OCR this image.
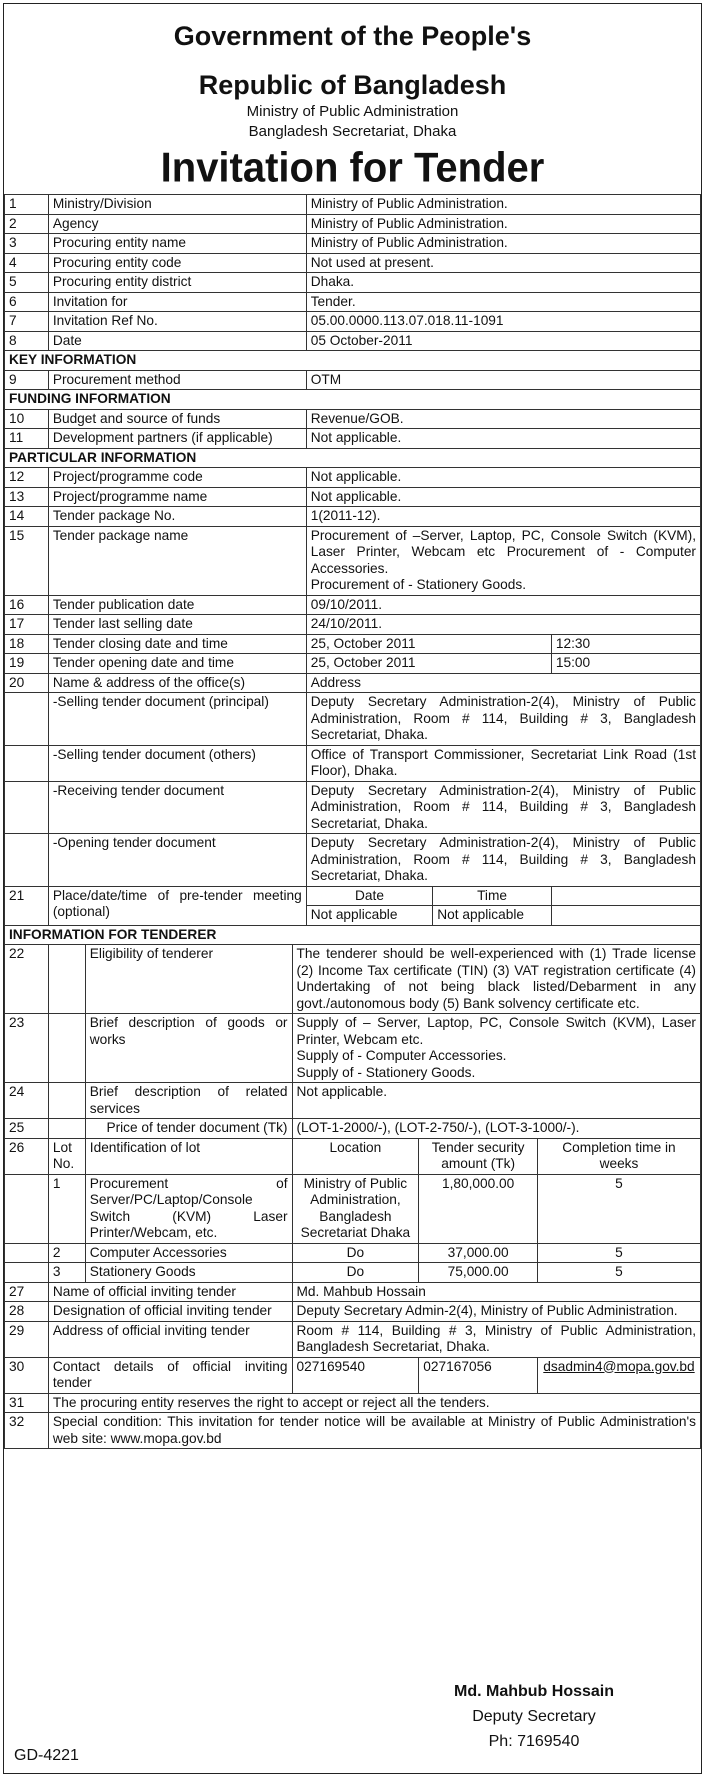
Government of the People's
Republic of Bangladesh
Ministry of Public Administration
Bangladesh Secretariat, Dhaka
Invitation for Tender
1	Ministry/Division	Ministry of Public Administration.		
2	Agency	Ministry of Public Administration.		
3	Procuring entity name	Ministry of Public Administration.		
4	Procuring entity code	Not used at present.		
5	Procuring entity district	Dhaka.		
6	Invitation for	Tender.		
7	Invitation Ref No.	05.00.0000.113.07.018.11-1091		
8	Date	05 October-2011		
KEY INFORMATION				
9	Procurement method	OTM		
FUNDING INFORMATION				
10	Budget and source of funds	Revenue/GOB.		
11	Development partners (if applicable)	Not applicable.		
PARTICULAR INFORMATION				
12	Project/programme code	Not applicable.		
13	Project/programme name	Not applicable.		
14	Tender package No.	1(2011-12).		
15	Tender package name	Procurement of –Server, Laptop, PC, Console Switch (KVM), Laser Printer, Webcam etc Procurement of - Computer Accessories.
Procurement of - Stationery Goods.		

16	Tender publication date	09/10/2011.		
17	Tender last selling date	24/10/2011.		
18	Tender closing date and time	25, October 2011		12:30
19	Tender opening date and time	25, October 2011		15:00
20	Name & address of the office(s)	Address		
	-Selling tender document (principal)	Deputy Secretary Administration-2(4), Ministry of Public Administration, Room # 114, Building # 3, Bangladesh Secretariat, Dhaka.		
	-Selling tender document (others)	Office of Transport Commissioner, Secretariat Link Road (1st Floor), Dhaka.		
	-Receiving tender document	Deputy Secretary Administration-2(4), Ministry of Public Administration, Room # 114, Building # 3, Bangladesh Secretariat, Dhaka.		
	-Opening tender document	Deputy Secretary Administration-2(4), Ministry of Public Administration, Room # 114, Building # 3, Bangladesh Secretariat, Dhaka.		
21	Place/date/time of pre-tender meeting (optional)	Date	Time	
		Not applicable	Not applicable	
INFORMATION FOR TENDERER					
22		Eligibility of tenderer	The tenderer should be well-experienced with (1) Trade license (2) Income Tax certificate (TIN) (3) VAT registration certificate (4) Undertaking of not being black listed/Debarment in any govt./autonomous body (5) Bank solvency certificate etc.		
23		Brief description of goods or works	Supply of – Server, Laptop, PC, Console Switch (KVM), Laser Printer, Webcam etc.
Supply of - Computer Accessories.
Supply of - Stationery Goods.		

24		Brief description of related services	Not applicable.		
25		Price of tender document (Tk)	(LOT-1-2000/-), (LOT-2-750/-), (LOT-3-1000/-).		
26	Lot No.	Identification of lot	Location	Tender security amount (Tk)	Completion time in weeks
	1	Procurement of Server/PC/Laptop/Console Switch (KVM) Laser Printer/Webcam, etc.	Ministry of Public Administration, Bangladesh Secretariat Dhaka	1,80,000.00	5
	2	Computer Accessories	Do	37,000.00	5
	3	Stationery Goods	Do	75,000.00	5
27	Name of official inviting tender		Md. Mahbub Hossain		
28	Designation of official inviting tender		Deputy Secretary Admin-2(4), Ministry of Public Administration.		
29	Address of official inviting tender		Room # 114, Building # 3, Ministry of Public Administration, Bangladesh Secretariat, Dhaka.		
30	Contact details of official inviting tender		027169540	027167056	dsadmin4@mopa.gov.bd
31	The procuring entity reserves the right to accept or reject all the tenders.				
32	Special condition: This invitation for tender notice will be available at Ministry of Public Administration's web site: www.mopa.gov.bd				
Md. Mahbub Hossain
Deputy Secretary
Ph: 7169540
GD-4221
